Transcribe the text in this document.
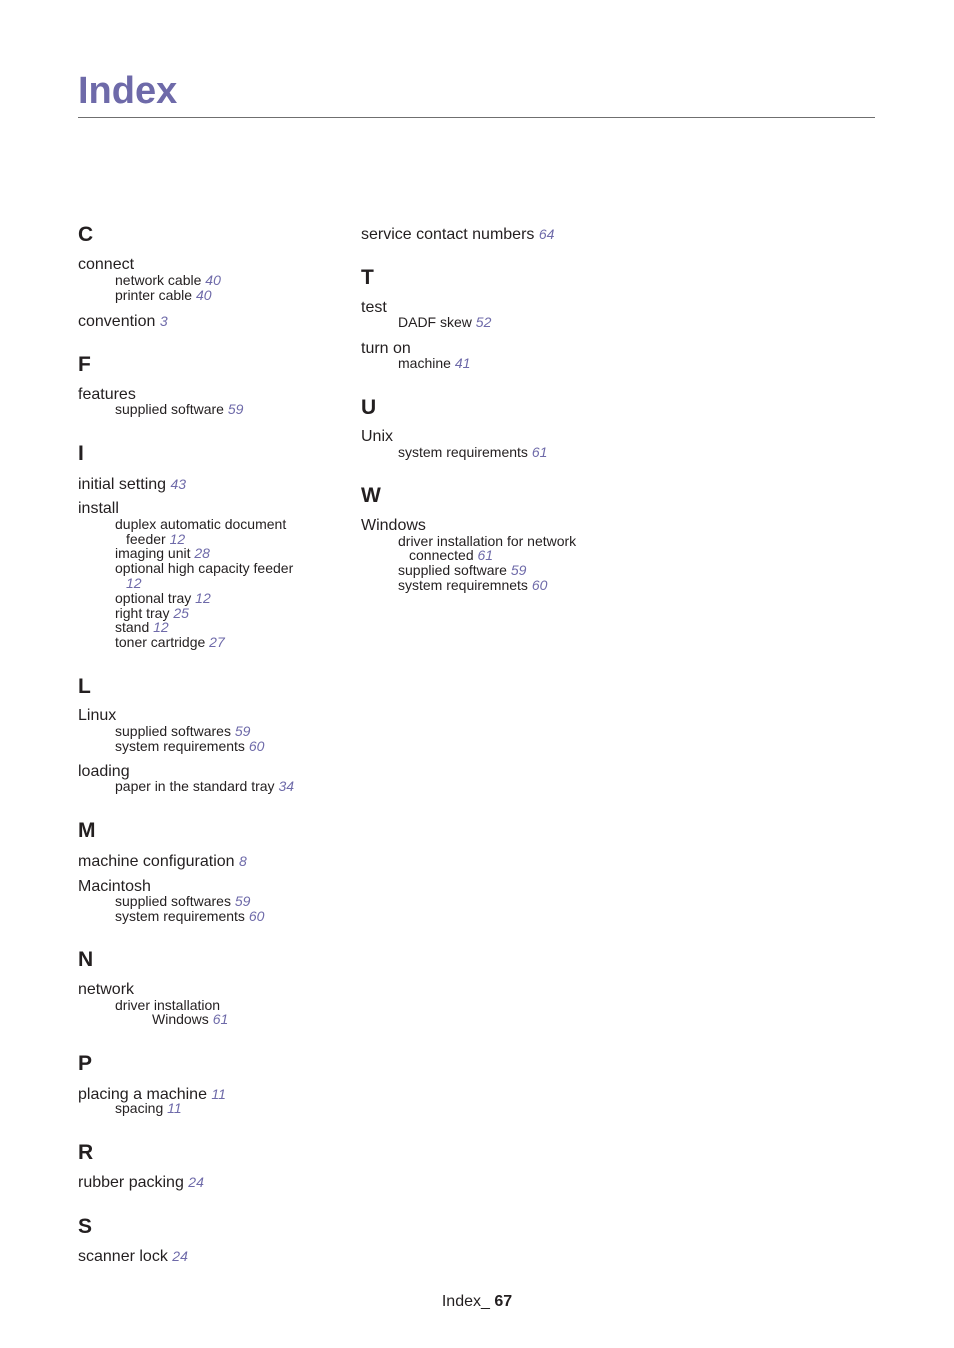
Index
C
connect
network cable 40
printer cable 40
convention 3
F
features
supplied software 59
I
initial setting 43
install
duplex automatic document
feeder 12
imaging unit 28
optional high capacity feeder
12
optional tray 12
right tray 25
stand 12
toner cartridge 27
L
Linux
supplied softwares 59
system requirements 60
loading
paper in the standard tray 34
M
machine configuration 8
Macintosh
supplied softwares 59
system requirements 60
N
network
driver installation
Windows 61
P
placing a machine 11
spacing 11
R
rubber packing 24
S
scanner lock 24
service contact numbers 64
T
test
DADF skew 52
turn on
machine 41
U
Unix
system requirements 61
W
Windows
driver installation for network
connected 61
supplied software 59
system requiremnets 60
Index_ 67
